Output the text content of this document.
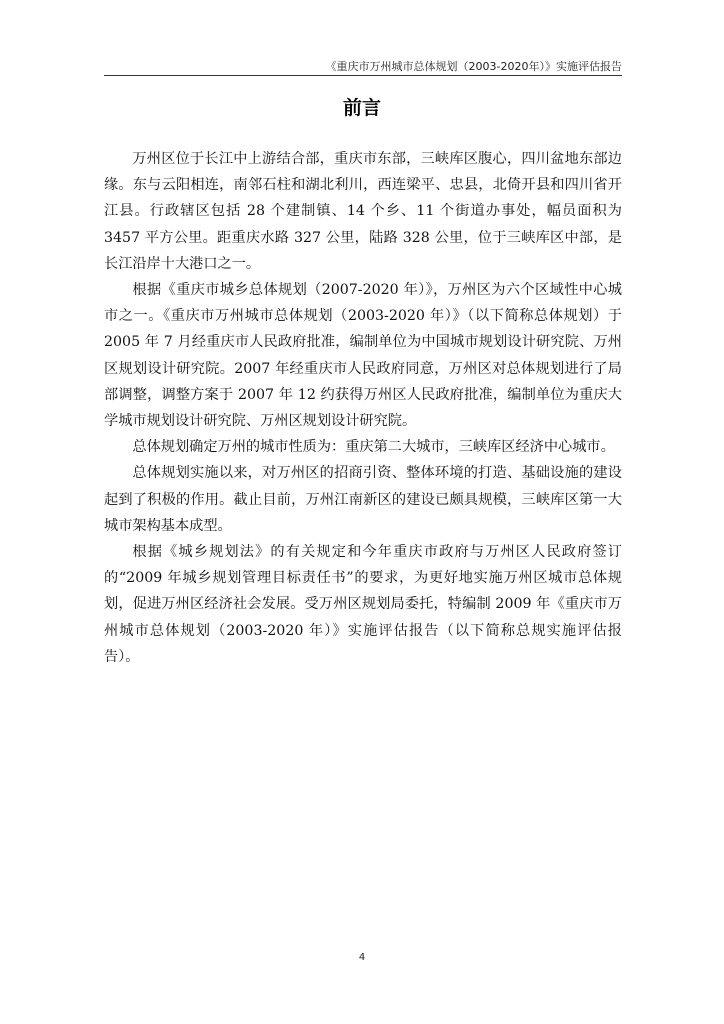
《重庆市万州城市总体规划（2003-2020年）》实施评估报告
前言

万州区位于长江中上游结合部，重庆市东部，三峡库区腹心，四川盆地东部边缘。东与云阳相连，南邻石柱和湖北利川，西连梁平、忠县，北倚开县和四川省开江县。行政辖区包括 28 个建制镇、14 个乡、11 个街道办事处，幅员面积为 3457 平方公里。距重庆水路 327 公里，陆路 328 公里，位于三峡库区中部，是长江沿岸十大港口之一。

根据《重庆市城乡总体规划（2007-2020 年）》，万州区为六个区域性中心城市之一。《重庆市万州城市总体规划（2003-2020 年）》（以下简称总体规划）于 2005 年 7 月经重庆市人民政府批准，编制单位为中国城市规划设计研究院、万州区规划设计研究院。2007 年经重庆市人民政府同意，万州区对总体规划进行了局部调整，调整方案于 2007 年 12 约获得万州区人民政府批准，编制单位为重庆大学城市规划设计研究院、万州区规划设计研究院。

总体规划确定万州的城市性质为：重庆第二大城市，三峡库区经济中心城市。

总体规划实施以来，对万州区的招商引资、整体环境的打造、基础设施的建设起到了积极的作用。截止目前，万州江南新区的建设已颇具规模，三峡库区第一大城市架构基本成型。

根据《城乡规划法》的有关规定和今年重庆市政府与万州区人民政府签订的“2009 年城乡规划管理目标责任书”的要求，为更好地实施万州区城市总体规划，促进万州区经济社会发展。受万州区规划局委托，特编制 2009 年《重庆市万州城市总体规划（2003-2020 年）》实施评估报告（以下简称总规实施评估报告）。

4
